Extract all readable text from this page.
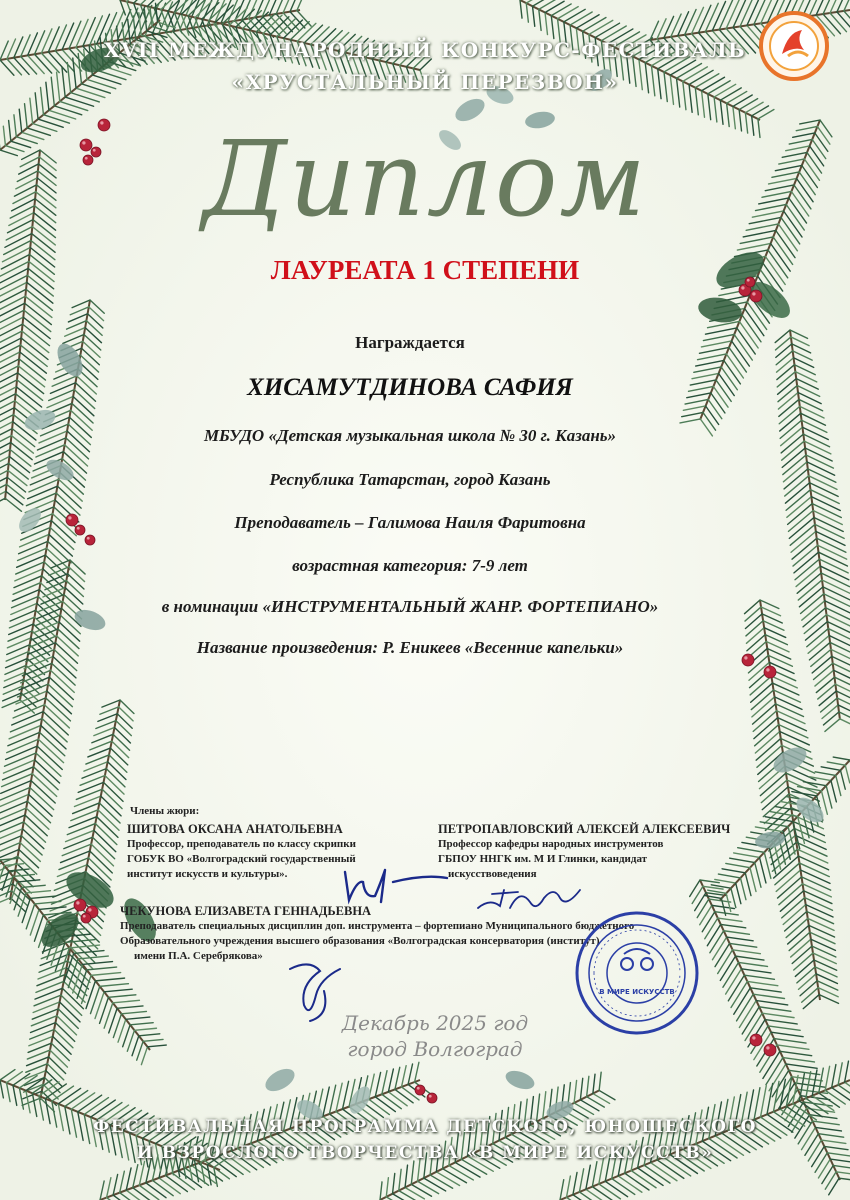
XVII МЕЖДУНАРОДНЫЙ КОНКУРС-ФЕСТИВАЛЬ
«ХРУСТАЛЬНЫЙ ПЕРЕЗВОН»
Диплом
ЛАУРЕАТА 1 СТЕПЕНИ
Награждается
ХИСАМУТДИНОВА САФИЯ
МБУДО «Детская музыкальная школа № 30 г. Казань»
Республика Татарстан, город Казань
Преподаватель – Галимова Наиля Фаритовна
возрастная категория: 7-9 лет
в номинации «ИНСТРУМЕНТАЛЬНЫЙ ЖАНР. ФОРТЕПИАНО»
Название произведения: Р. Еникеев «Весенние капельки»
Члены жюри:
ШИТОВА ОКСАНА АНАТОЛЬЕВНА
Профессор, преподаватель по классу скрипки
ГОБУК ВО «Волгоградский государственный
институт искусств и культуры».
ПЕТРОПАВЛОВСКИЙ АЛЕКСЕЙ АЛЕКСЕЕВИЧ
Профессор кафедры народных инструментов
ГБПОУ ННГК им. М И Глинки, кандидат
искусствоведения
ЧЕКУНОВА ЕЛИЗАВЕТА ГЕННАДЬЕВНА
Преподаватель специальных дисциплин доп. инструмента – фортепиано Муниципального бюджетного
Образовательного учреждения высшего образования «Волгоградская консерватория (институт)
имени П.А. Серебрякова»
В МИРЕ ИСКУССТВ
Декабрь 2025 год
город Волгоград
ФЕСТИВАЛЬНАЯ ПРОГРАММА ДЕТСКОГО, ЮНОШЕСКОГО
И ВЗРОСЛОГО ТВОРЧЕСТВА «В МИРЕ ИСКУССТВ»
